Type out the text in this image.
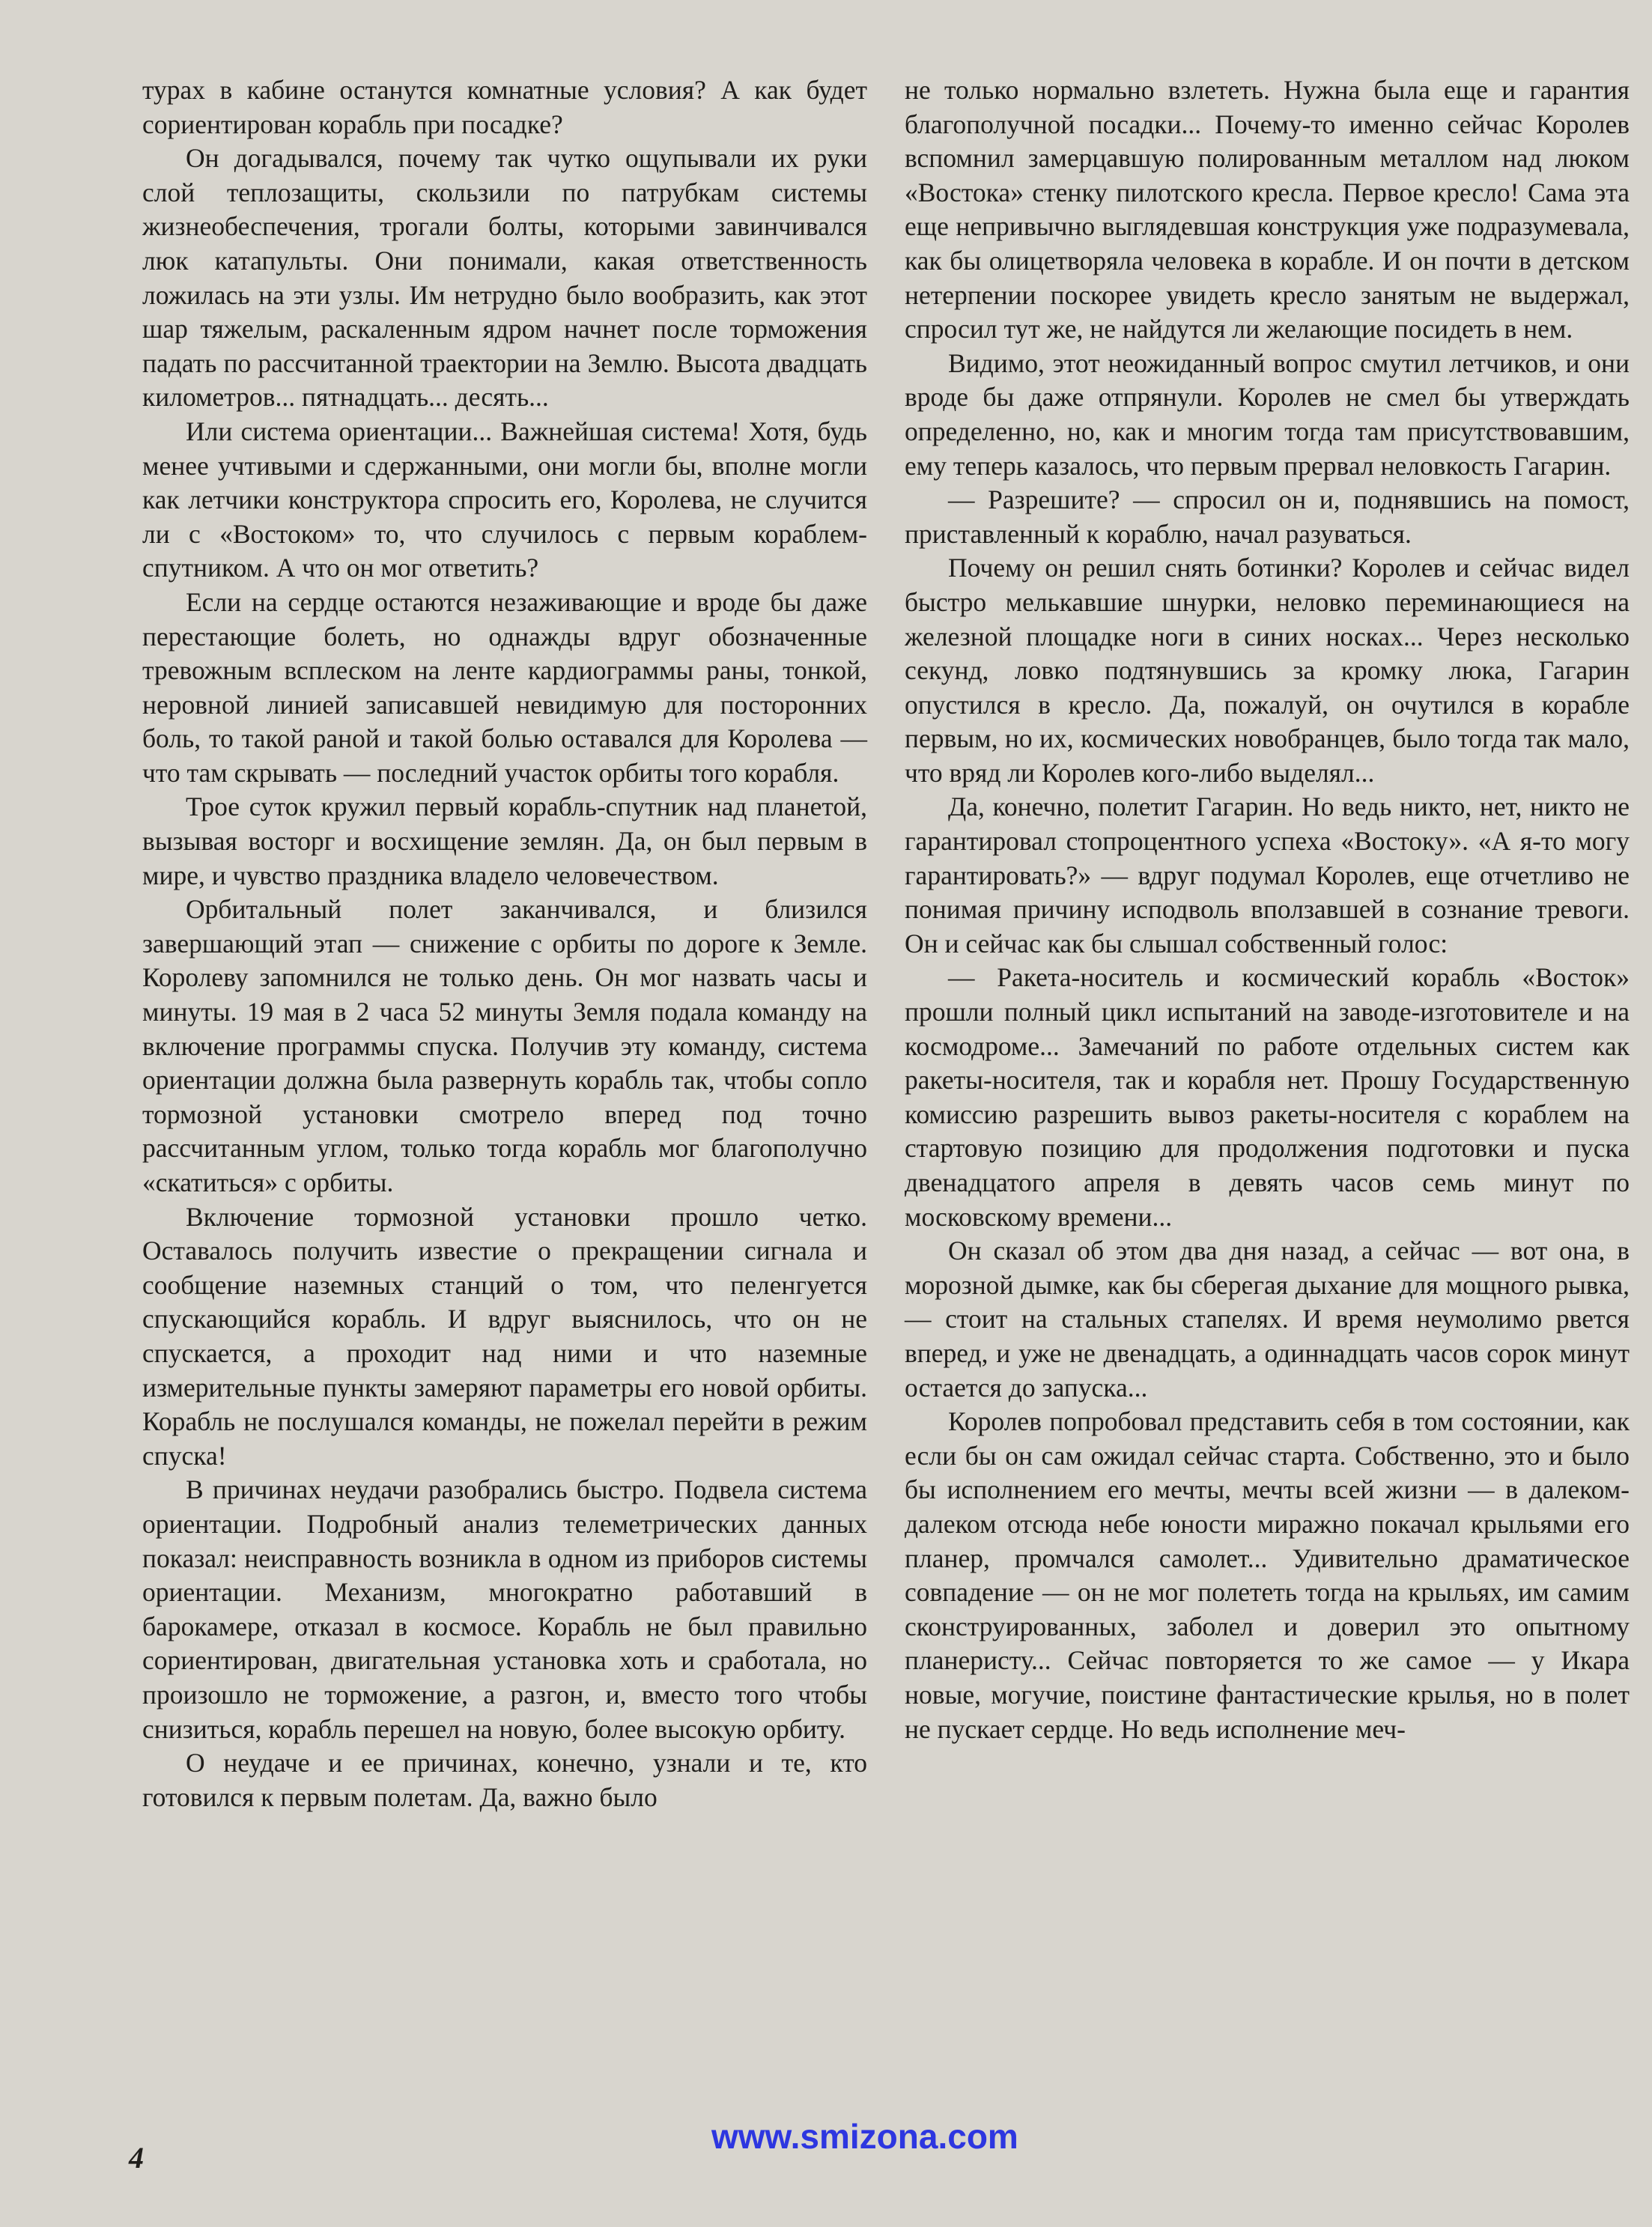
турах в кабине останутся комнатные условия? А как будет сориентирован корабль при посадке?

Он догадывался, почему так чутко ощупывали их руки слой теплозащиты, скользили по патрубкам системы жизнеобеспечения, трогали болты, которыми завинчивался люк катапульты. Они понимали, какая ответственность ложилась на эти узлы. Им нетрудно было вообразить, как этот шар тяжелым, раскаленным ядром начнет после торможения падать по рассчитанной траектории на Землю. Высота двадцать километров... пятнадцать... десять...

Или система ориентации... Важнейшая система! Хотя, будь менее учтивыми и сдержанными, они могли бы, вполне могли как летчики конструктора спросить его, Королева, не случится ли с «Востоком» то, что случилось с первым кораблем-спутником. А что он мог ответить?

Если на сердце остаются незаживающие и вроде бы даже перестающие болеть, но однажды вдруг обозначенные тревожным всплеском на ленте кардиограммы раны, тонкой, неровной линией записавшей невидимую для посторонних боль, то такой раной и такой болью оставался для Королева — что там скрывать — последний участок орбиты того корабля.

Трое суток кружил первый корабль-спутник над планетой, вызывая восторг и восхищение землян. Да, он был первым в мире, и чувство праздника владело человечеством.

Орбитальный полет заканчивался, и близился завершающий этап — снижение с орбиты по дороге к Земле. Королеву запомнился не только день. Он мог назвать часы и минуты. 19 мая в 2 часа 52 минуты Земля подала команду на включение программы спуска. Получив эту команду, система ориентации должна была развернуть корабль так, чтобы сопло тормозной установки смотрело вперед под точно рассчитанным углом, только тогда корабль мог благополучно «скатиться» с орбиты.

Включение тормозной установки прошло четко. Оставалось получить известие о прекращении сигнала и сообщение наземных станций о том, что пеленгуется спускающийся корабль. И вдруг выяснилось, что он не спускается, а проходит над ними и что наземные измерительные пункты замеряют параметры его новой орбиты. Корабль не послушался команды, не пожелал перейти в режим спуска!

В причинах неудачи разобрались быстро. Подвела система ориентации. Подробный анализ телеметрических данных показал: неисправность возникла в одном из приборов системы ориентации. Механизм, многократно работавший в барокамере, отказал в космосе. Корабль не был правильно сориентирован, двигательная установка хоть и сработала, но произошло не торможение, а разгон, и, вместо того чтобы снизиться, корабль перешел на новую, более высокую орбиту.

О неудаче и ее причинах, конечно, узнали и те, кто готовился к первым полетам. Да, важно было

не только нормально взлететь. Нужна была еще и гарантия благополучной посадки... Почему-то именно сейчас Королев вспомнил замерцавшую полированным металлом над люком «Востока» стенку пилотского кресла. Первое кресло! Сама эта еще непривычно выглядевшая конструкция уже подразумевала, как бы олицетворяла человека в корабле. И он почти в детском нетерпении поскорее увидеть кресло занятым не выдержал, спросил тут же, не найдутся ли желающие посидеть в нем.

Видимо, этот неожиданный вопрос смутил летчиков, и они вроде бы даже отпрянули. Королев не смел бы утверждать определенно, но, как и многим тогда там присутствовавшим, ему теперь казалось, что первым прервал неловкость Гагарин.

— Разрешите? — спросил он и, поднявшись на помост, приставленный к кораблю, начал разуваться.

Почему он решил снять ботинки? Королев и сейчас видел быстро мелькавшие шнурки, неловко переминающиеся на железной площадке ноги в синих носках... Через несколько секунд, ловко подтянувшись за кромку люка, Гагарин опустился в кресло. Да, пожалуй, он очутился в корабле первым, но их, космических новобранцев, было тогда так мало, что вряд ли Королев кого-либо выделял...

Да, конечно, полетит Гагарин. Но ведь никто, нет, никто не гарантировал стопроцентного успеха «Востоку». «А я-то могу гарантировать?» — вдруг подумал Королев, еще отчетливо не понимая причину исподволь вползавшей в сознание тревоги. Он и сейчас как бы слышал собственный голос:

— Ракета-носитель и космический корабль «Восток» прошли полный цикл испытаний на заводе-изготовителе и на космодроме... Замечаний по работе отдельных систем как ракеты-носителя, так и корабля нет. Прошу Государственную комиссию разрешить вывоз ракеты-носителя с кораблем на стартовую позицию для продолжения подготовки и пуска двенадцатого апреля в девять часов семь минут по московскому времени...

Он сказал об этом два дня назад, а сейчас — вот она, в морозной дымке, как бы сберегая дыхание для мощного рывка, — стоит на стальных стапелях. И время неумолимо рвется вперед, и уже не двенадцать, а одиннадцать часов сорок минут остается до запуска...

Королев попробовал представить себя в том состоянии, как если бы он сам ожидал сейчас старта. Собственно, это и было бы исполнением его мечты, мечты всей жизни — в далеком-далеком отсюда небе юности миражно покачал крыльями его планер, промчался самолет... Удивительно драматическое совпадение — он не мог полететь тогда на крыльях, им самим сконструированных, заболел и доверил это опытному планеристу... Сейчас повторяется то же самое — у Икара новые, могучие, поистине фантастические крылья, но в полет не пускает сердце. Но ведь исполнение меч-

4
www.smizona.com
